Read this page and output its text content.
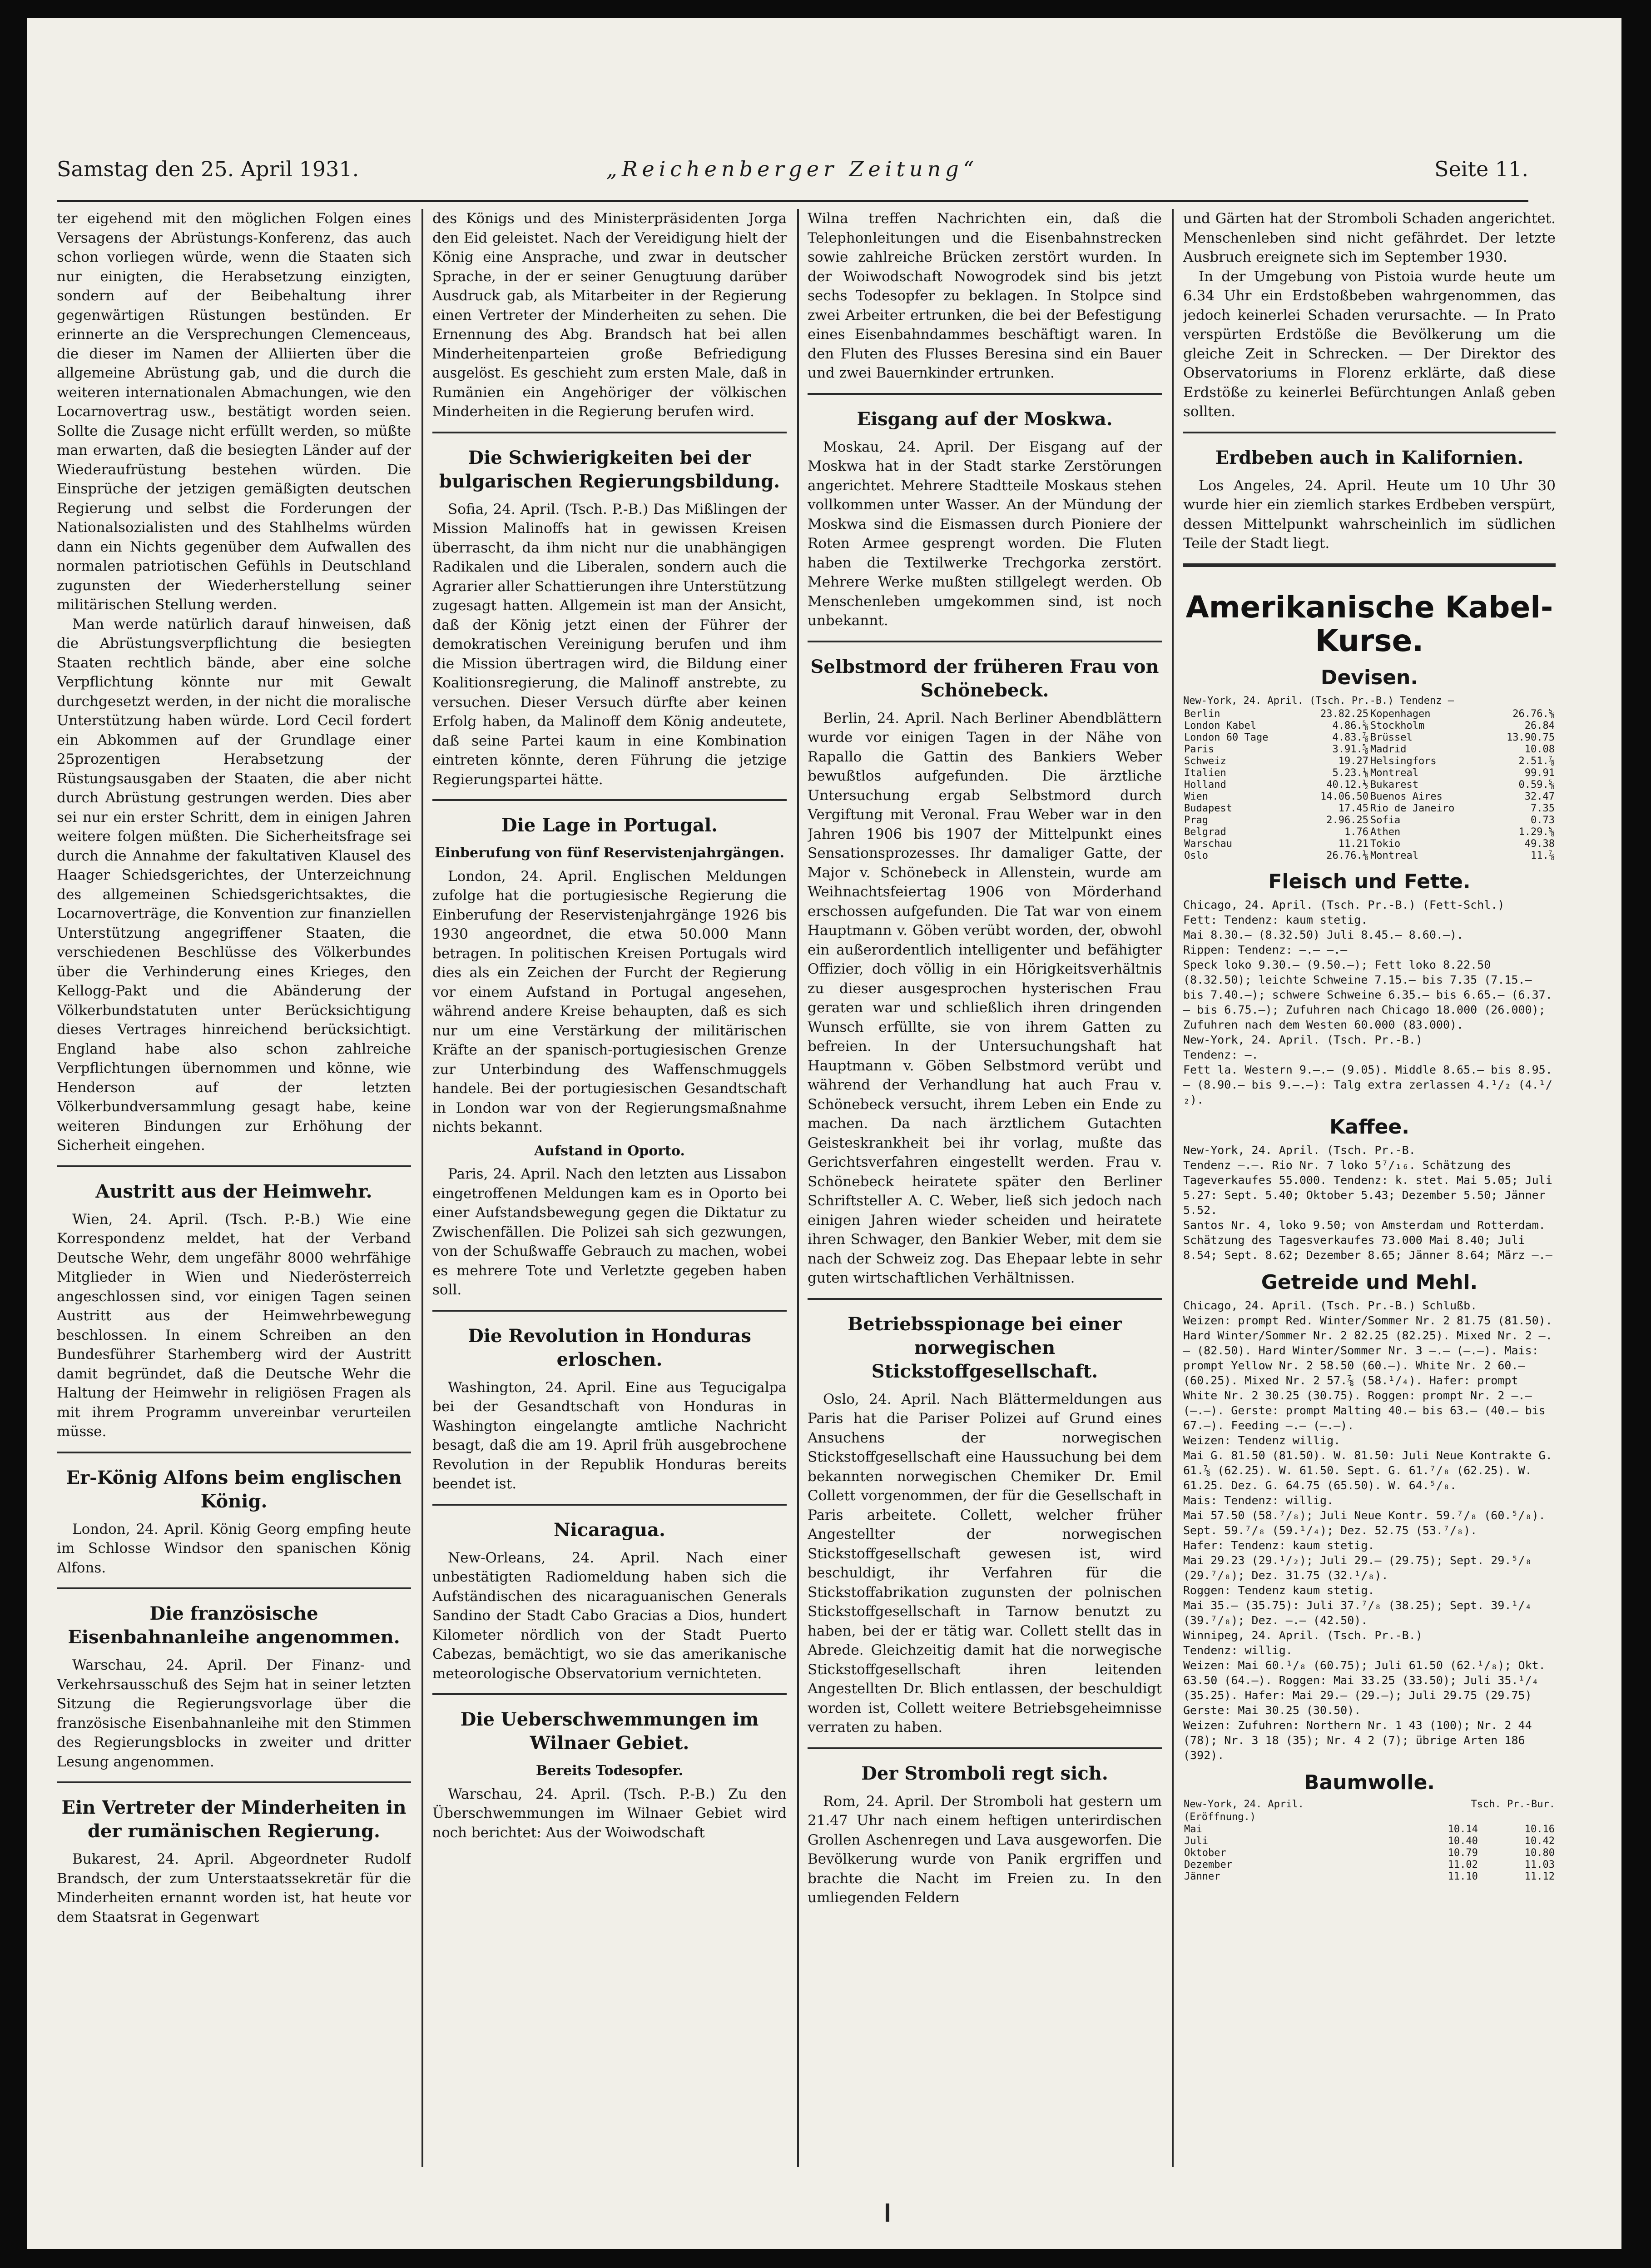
Samstag den 25. April 1931.	„Reichenberger Zeitung“	Seite 11.

ter eigehend mit den möglichen Folgen eines Versagens der Abrüstungs-Konferenz, das auch schon vorliegen würde, wenn die Staaten sich nur einigten, die Herabsetzung einzigten, sondern auf der Beibehaltung ihrer gegenwärtigen Rüstungen bestünden. Er erinnerte an die Versprechungen Clemenceaus, die dieser im Namen der Alliierten über die allgemeine Abrüstung gab, und die durch die weiteren internationalen Abmachungen, wie den Locarnovertrag usw., bestätigt worden seien. Sollte die Zusage nicht erfüllt werden, so müßte man erwarten, daß die besiegten Länder auf der Wiederaufrüstung bestehen würden. Die Einsprüche der jetzigen gemäßigten deutschen Regierung und selbst die Forderungen der Nationalsozialisten und des Stahlhelms würden dann ein Nichts gegenüber dem Aufwallen des normalen patriotischen Gefühls in Deutschland zugunsten der Wiederherstellung seiner militärischen Stellung werden.

Man werde natürlich darauf hinweisen, daß die Abrüstungsverpflichtung die besiegten Staaten rechtlich bände, aber eine solche Verpflichtung könnte nur mit Gewalt durchgesetzt werden, in der nicht die moralische Unterstützung haben würde. Lord Cecil fordert ein Abkommen auf der Grundlage einer 25prozentigen Herabsetzung der Rüstungsausgaben der Staaten, die aber nicht durch Abrüstung gestrungen werden. Dies aber sei nur ein erster Schritt, dem in einigen Jahren weitere folgen müßten. Die Sicherheitsfrage sei durch die Annahme der fakultativen Klausel des Haager Schiedsgerichtes, der Unterzeichnung des allgemeinen Schiedsgerichtsaktes, die Locarnoverträge, die Konvention zur finanziellen Unterstützung angegriffener Staaten, die verschiedenen Beschlüsse des Völkerbundes über die Verhinderung eines Krieges, den Kellogg-Pakt und die Abänderung der Völkerbundstatuten unter Berücksichtigung dieses Vertrages hinreichend berücksichtigt. England habe also schon zahlreiche Verpflichtungen übernommen und könne, wie Henderson auf der letzten Völkerbundversammlung gesagt habe, keine weiteren Bindungen zur Erhöhung der Sicherheit eingehen.

Austritt aus der Heimwehr.

Wien, 24. April. (Tsch. P.-B.) Wie eine Korrespondenz meldet, hat der Verband Deutsche Wehr, dem ungefähr 8000 wehrfähige Mitglieder in Wien und Niederösterreich angeschlossen sind, vor einigen Tagen seinen Austritt aus der Heimwehrbewegung beschlossen. In einem Schreiben an den Bundesführer Starhemberg wird der Austritt damit begründet, daß die Deutsche Wehr die Haltung der Heimwehr in religiösen Fragen als mit ihrem Programm unvereinbar verurteilen müsse.

Er-König Alfons beim englischen König.

London, 24. April. König Georg empfing heute im Schlosse Windsor den spanischen König Alfons.

Die französische Eisenbahnanleihe angenommen.

Warschau, 24. April. Der Finanz- und Verkehrsausschuß des Sejm hat in seiner letzten Sitzung die Regierungsvorlage über die französische Eisenbahnanleihe mit den Stimmen des Regierungsblocks in zweiter und dritter Lesung angenommen.

Ein Vertreter der Minderheiten in der rumänischen Regierung.

Bukarest, 24. April. Abgeordneter Rudolf Brandsch, der zum Unterstaatssekretär für die Minderheiten ernannt worden ist, hat heute vor dem Staatsrat in Gegenwart

des Königs und des Ministerpräsidenten Jorga den Eid geleistet. Nach der Vereidigung hielt der König eine Ansprache, und zwar in deutscher Sprache, in der er seiner Genugtuung darüber Ausdruck gab, als Mitarbeiter in der Regierung einen Vertreter der Minderheiten zu sehen. Die Ernennung des Abg. Brandsch hat bei allen Minderheitenparteien große Befriedigung ausgelöst. Es geschieht zum ersten Male, daß in Rumänien ein Angehöriger der völkischen Minderheiten in die Regierung berufen wird.

Die Schwierigkeiten bei der bulgarischen Regierungsbildung.

Sofia, 24. April. (Tsch. P.-B.) Das Mißlingen der Mission Malinoffs hat in gewissen Kreisen überrascht, da ihm nicht nur die unabhängigen Radikalen und die Liberalen, sondern auch die Agrarier aller Schattierungen ihre Unterstützung zugesagt hatten. Allgemein ist man der Ansicht, daß der König jetzt einen der Führer der demokratischen Vereinigung berufen und ihm die Mission übertragen wird, die Bildung einer Koalitionsregierung, die Malinoff anstrebte, zu versuchen. Dieser Versuch dürfte aber keinen Erfolg haben, da Malinoff dem König andeutete, daß seine Partei kaum in eine Kombination eintreten könnte, deren Führung die jetzige Regierungspartei hätte.

Die Lage in Portugal.
Einberufung von fünf Reservistenjahrgängen.

London, 24. April. Englischen Meldungen zufolge hat die portugiesische Regierung die Einberufung der Reservistenjahrgänge 1926 bis 1930 angeordnet, die etwa 50.000 Mann betragen. In politischen Kreisen Portugals wird dies als ein Zeichen der Furcht der Regierung vor einem Aufstand in Portugal angesehen, während andere Kreise behaupten, daß es sich nur um eine Verstärkung der militärischen Kräfte an der spanisch-portugiesischen Grenze zur Unterbindung des Waffenschmuggels handele. Bei der portugiesischen Gesandtschaft in London war von der Regierungsmaßnahme nichts bekannt.

Aufstand in Oporto.

Paris, 24. April. Nach den letzten aus Lissabon eingetroffenen Meldungen kam es in Oporto bei einer Aufstandsbewegung gegen die Diktatur zu Zwischenfällen. Die Polizei sah sich gezwungen, von der Schußwaffe Gebrauch zu machen, wobei es mehrere Tote und Verletzte gegeben haben soll.

Die Revolution in Honduras erloschen.

Washington, 24. April. Eine aus Tegucigalpa bei der Gesandtschaft von Honduras in Washington eingelangte amtliche Nachricht besagt, daß die am 19. April früh ausgebrochene Revolution in der Republik Honduras bereits beendet ist.

Nicaragua.

New-Orleans, 24. April. Nach einer unbestätigten Radiomeldung haben sich die Aufständischen des nicaraguanischen Generals Sandino der Stadt Cabo Gracias a Dios, hundert Kilometer nördlich von der Stadt Puerto Cabezas, bemächtigt, wo sie das amerikanische meteorologische Observatorium vernichteten.

Die Ueberschwemmungen im Wilnaer Gebiet.
Bereits Todesopfer.

Warschau, 24. April. (Tsch. P.-B.) Zu den Überschwemmungen im Wilnaer Gebiet wird noch berichtet: Aus der Woiwodschaft

Wilna treffen Nachrichten ein, daß die Telephonleitungen und die Eisenbahnstrecken sowie zahlreiche Brücken zerstört wurden. In der Woiwodschaft Nowogrodek sind bis jetzt sechs Todesopfer zu beklagen. In Stolpce sind zwei Arbeiter ertrunken, die bei der Befestigung eines Eisenbahndammes beschäftigt waren. In den Fluten des Flusses Beresina sind ein Bauer und zwei Bauernkinder ertrunken.

Eisgang auf der Moskwa.

Moskau, 24. April. Der Eisgang auf der Moskwa hat in der Stadt starke Zerstörungen angerichtet. Mehrere Stadtteile Moskaus stehen vollkommen unter Wasser. An der Mündung der Moskwa sind die Eismassen durch Pioniere der Roten Armee gesprengt worden. Die Fluten haben die Textilwerke Trechgorka zerstört. Mehrere Werke mußten stillgelegt werden. Ob Menschenleben umgekommen sind, ist noch unbekannt.

Selbstmord der früheren Frau von Schönebeck.

Berlin, 24. April. Nach Berliner Abendblättern wurde vor einigen Tagen in der Nähe von Rapallo die Gattin des Bankiers Weber bewußtlos aufgefunden. Die ärztliche Untersuchung ergab Selbstmord durch Vergiftung mit Veronal. Frau Weber war in den Jahren 1906 bis 1907 der Mittelpunkt eines Sensationsprozesses. Ihr damaliger Gatte, der Major v. Schönebeck in Allenstein, wurde am Weihnachtsfeiertag 1906 von Mörderhand erschossen aufgefunden. Die Tat war von einem Hauptmann v. Göben verübt worden, der, obwohl ein außerordentlich intelligenter und befähigter Offizier, doch völlig in ein Hörigkeitsverhältnis zu dieser ausgesprochen hysterischen Frau geraten war und schließlich ihren dringenden Wunsch erfüllte, sie von ihrem Gatten zu befreien. In der Untersuchungshaft hat Hauptmann v. Göben Selbstmord verübt und während der Verhandlung hat auch Frau v. Schönebeck versucht, ihrem Leben ein Ende zu machen. Da nach ärztlichem Gutachten Geisteskrankheit bei ihr vorlag, mußte das Gerichtsverfahren eingestellt werden. Frau v. Schönebeck heiratete später den Berliner Schriftsteller A. C. Weber, ließ sich jedoch nach einigen Jahren wieder scheiden und heiratete ihren Schwager, den Bankier Weber, mit dem sie nach der Schweiz zog. Das Ehepaar lebte in sehr guten wirtschaftlichen Verhältnissen.

Betriebsspionage bei einer norwegischen Stickstoffgesellschaft.

Oslo, 24. April. Nach Blättermeldungen aus Paris hat die Pariser Polizei auf Grund eines Ansuchens der norwegischen Stickstoffgesellschaft eine Haussuchung bei dem bekannten norwegischen Chemiker Dr. Emil Collett vorgenommen, der für die Gesellschaft in Paris arbeitete. Collett, welcher früher Angestellter der norwegischen Stickstoffgesellschaft gewesen ist, wird beschuldigt, ihr Verfahren für die Stickstoffabrikation zugunsten der polnischen Stickstoffgesellschaft in Tarnow benutzt zu haben, bei der er tätig war. Collett stellt das in Abrede. Gleichzeitig damit hat die norwegische Stickstoffgesellschaft ihren leitenden Angestellten Dr. Blich entlassen, der beschuldigt worden ist, Collett weitere Betriebsgeheimnisse verraten zu haben.

Der Stromboli regt sich.

Rom, 24. April. Der Stromboli hat gestern um 21.47 Uhr nach einem heftigen unterirdischen Grollen Aschenregen und Lava ausgeworfen. Die Bevölkerung wurde von Panik ergriffen und brachte die Nacht im Freien zu. In den umliegenden Feldern

und Gärten hat der Stromboli Schaden angerichtet. Menschenleben sind nicht gefährdet. Der letzte Ausbruch ereignete sich im September 1930.

In der Umgebung von Pistoia wurde heute um 6.34 Uhr ein Erdstoßbeben wahrgenommen, das jedoch keinerlei Schaden verursachte. — In Prato verspürten Erdstöße die Bevölkerung um die gleiche Zeit in Schrecken. — Der Direktor des Observatoriums in Florenz erklärte, daß diese Erdstöße zu keinerlei Befürchtungen Anlaß geben sollten.

Erdbeben auch in Kalifornien.

Los Angeles, 24. April. Heute um 10 Uhr 30 wurde hier ein ziemlich starkes Erdbeben verspürt, dessen Mittelpunkt wahrscheinlich im südlichen Teile der Stadt liegt.

Amerikanische Kabel-Kurse.
Devisen.
New-York, 24. April. (Tsch. Pr.-B.) Tendenz —
Berlin	23.82.25	Kopenhagen	26.76.⅝
London Kabel	4.86.⅝	Stockholm	26.84
London 60 Tage	4.83.⅞	Brüssel	13.90.75
Paris	3.91.⅝	Madrid	10.08
Schweiz	19.27	Helsingfors	2.51.⅞
Italien	5.23.⅛	Montreal	99.91
Holland	40.12.½	Bukarest	0.59.⅝
Wien	14.06.50	Buenos Aires	32.47
Budapest	17.45	Rio de Janeiro	7.35
Prag	2.96.25	Sofia	0.73
Belgrad	1.76	Athen	1.29.⅝
Warschau	11.21	Tokio	49.38
Oslo	26.76.⅛	Montreal	11.⅞
Fleisch und Fette.

Chicago, 24. April. (Tsch. Pr.-B.) (Fett-Schl.)

Fett: Tendenz: kaum stetig.

Mai 8.30.— (8.32.50) Juli 8.45.— 8.60.—).

Rippen: Tendenz: —.— —.—

Speck loko 9.30.— (9.50.—); Fett loko 8.22.50 (8.32.50); leichte Schweine 7.15.— bis 7.35 (7.15.— bis 7.40.—); schwere Schweine 6.35.— bis 6.65.— (6.37.— bis 6.75.—); Zufuhren nach Chicago 18.000 (26.000); Zufuhren nach dem Westen 60.000 (83.000).

New-York, 24. April. (Tsch. Pr.-B.)

Tendenz: —.

Fett la. Western 9.—.— (9.05). Middle 8.65.— bis 8.95.— (8.90.— bis 9.—.—): Talg extra zerlassen 4.¹/₂ (4.¹/₂).

Kaffee.

New-York, 24. April. (Tsch. Pr.-B.

Tendenz —.—. Rio Nr. 7 loko 5⁷/₁₆. Schätzung des Tageverkaufes 55.000. Tendenz: k. stet. Mai 5.05; Juli 5.27: Sept. 5.40; Oktober 5.43; Dezember 5.50; Jänner 5.52.

Santos Nr. 4, loko 9.50; von Amsterdam und Rotterdam. Schätzung des Tagesverkaufes 73.000 Mai 8.40; Juli 8.54; Sept. 8.62; Dezember 8.65; Jänner 8.64; März —.—

Getreide und Mehl.

Chicago, 24. April. (Tsch. Pr.-B.) Schlußb.

Weizen: prompt Red. Winter/Sommer Nr. 2 81.75 (81.50). Hard Winter/Sommer Nr. 2 82.25 (82.25). Mixed Nr. 2 —.— (82.50). Hard Winter/Sommer Nr. 3 —.— (—.—). Mais: prompt Yellow Nr. 2 58.50 (60.—). White Nr. 2 60.— (60.25). Mixed Nr. 2 57.⅞ (58.¹/₄). Hafer: prompt White Nr. 2 30.25 (30.75). Roggen: prompt Nr. 2 —.— (—.—). Gerste: prompt Malting 40.— bis 63.— (40.— bis 67.—). Feeding —.— (—.—).

Weizen: Tendenz willig.

Mai G. 81.50 (81.50). W. 81.50: Juli Neue Kontrakte G. 61.⅞ (62.25). W. 61.50. Sept. G. 61.⁷/₈ (62.25). W. 61.25. Dez. G. 64.75 (65.50). W. 64.⁵/₈.

Mais: Tendenz: willig.

Mai 57.50 (58.⁷/₈); Juli Neue Kontr. 59.⁷/₈ (60.⁵/₈). Sept. 59.⁷/₈ (59.¹/₄); Dez. 52.75 (53.⁷/₈).

Hafer: Tendenz: kaum stetig.

Mai 29.23 (29.¹/₂); Juli 29.— (29.75); Sept. 29.⁵/₈ (29.⁷/₈); Dez. 31.75 (32.¹/₈).

Roggen: Tendenz kaum stetig.

Mai 35.— (35.75): Juli 37.⁷/₈ (38.25); Sept. 39.¹/₄ (39.⁷/₈); Dez. —.— (42.50).

Winnipeg, 24. April. (Tsch. Pr.-B.)

Tendenz: willig.

Weizen: Mai 60.¹/₈ (60.75); Juli 61.50 (62.¹/₈); Okt. 63.50 (64.—). Roggen: Mai 33.25 (33.50); Juli 35.¹/₄ (35.25). Hafer: Mai 29.— (29.—); Juli 29.75 (29.75) Gerste: Mai 30.25 (30.50).

Weizen: Zufuhren: Northern Nr. 1 43 (100); Nr. 2 44 (78); Nr. 3 18 (35); Nr. 4 2 (7); übrige Arten 186 (392).

Baumwolle.
New-York, 24. April.	Tsch. Pr.-Bur.	
(Eröffnung.)		
Mai	10.14	10.16
Juli	10.40	10.42
Oktober	10.79	10.80
Dezember	11.02	11.03
Jänner	11.10	11.12
